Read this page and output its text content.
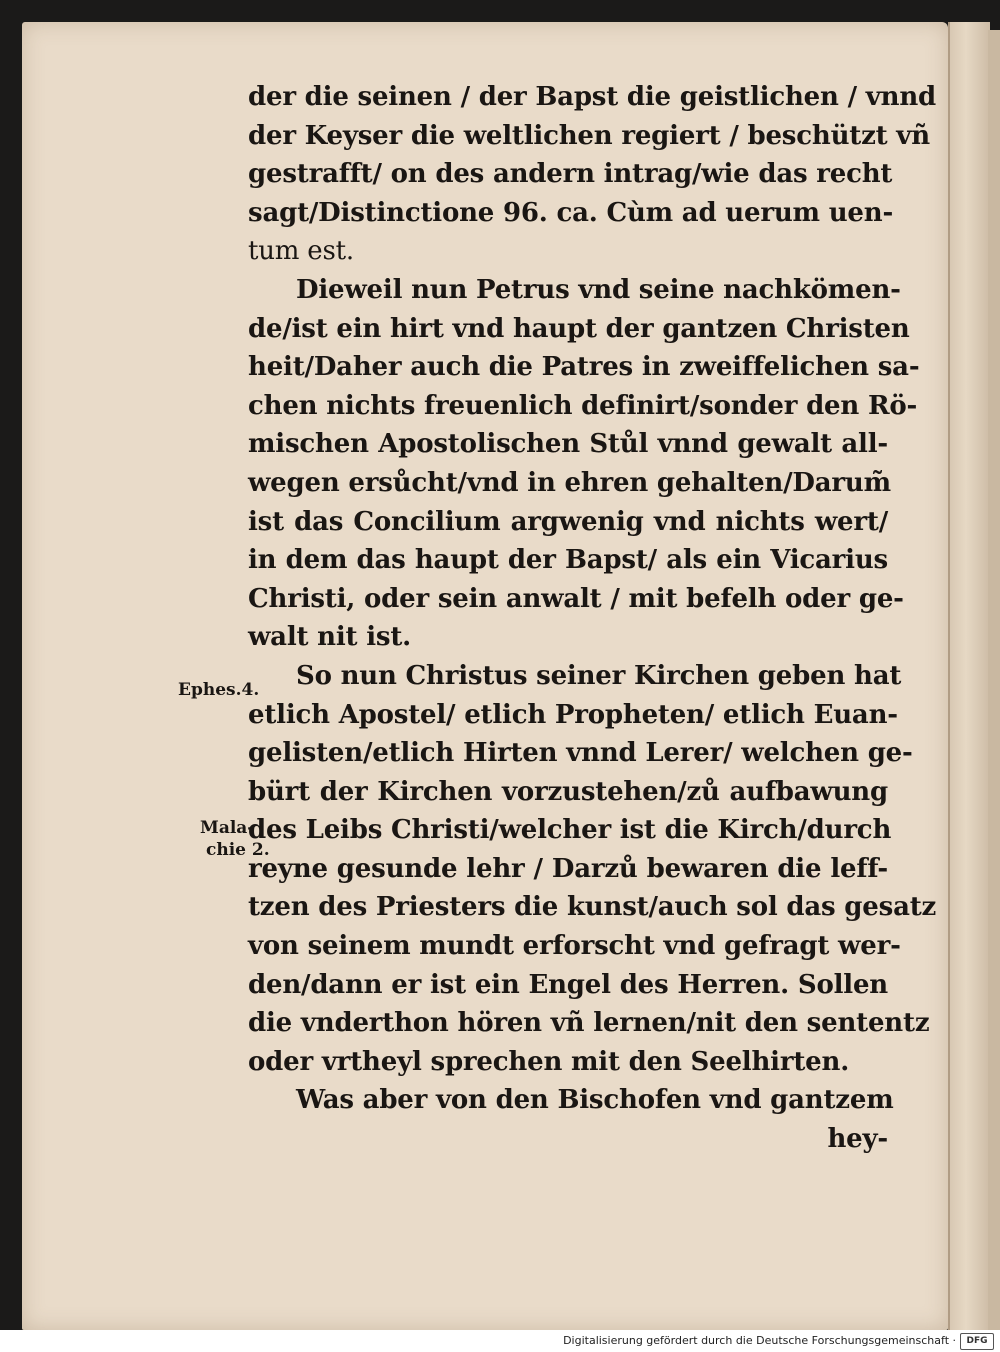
der die seinen / der Bapst die geistlichen / vnnd
der Keyser die weltlichen regiert / beschützt vñ
gestrafft/ on des andern intrag/wie das recht
sagt/Distinctione 96. ca. Cùm ad uerum uen-
tum est.
Dieweil nun Petrus vnd seine nachkömen-
de/ist ein hirt vnd haupt der gantzen Christen
heit/Daher auch die Patres in zweiffelichen sa-
chen nichts freuenlich definirt/sonder den Rö-
mischen Apostolischen Stůl vnnd gewalt all-
wegen ersůcht/vnd in ehren gehalten/Darum̃
ist das Concilium argwenig vnd nichts wert/
in dem das haupt der Bapst/ als ein Vicarius
Christi, oder sein anwalt / mit befelh oder ge-
walt nit ist.
So nun Christus seiner Kirchen geben hat
etlich Apostel/ etlich Propheten/ etlich Euan-
gelisten/etlich Hirten vnnd Lerer/ welchen ge-
bürt der Kirchen vorzustehen/zů aufbawung
des Leibs Christi/welcher ist die Kirch/durch
reyne gesunde lehr / Darzů bewaren die leff-
tzen des Priesters die kunst/auch sol das gesatz
von seinem mundt erforscht vnd gefragt wer-
den/dann er ist ein Engel des Herren. Sollen
die vnderthon hören vñ lernen/nit den sententz
oder vrtheyl sprechen mit den Seelhirten.
Was aber von den Bischofen vnd gantzem
hey-
Ephes.4.
Mala-
chie 2.
Digitalisierung gefördert durch die Deutsche Forschungsgemeinschaft ·	DFG
